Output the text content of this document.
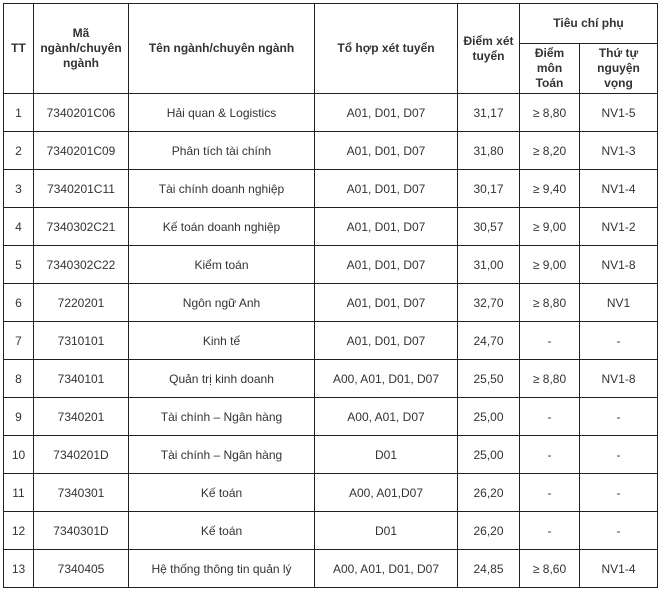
TT	Mã ngành/chuyên ngành	Tên ngành/chuyên ngành	Tổ hợp xét tuyển	Điểm xét tuyển	Tiêu chí phụ	
					Điểm môn Toán	Thứ tự nguyện vọng
1	7340201C06	Hải quan & Logistics	A01, D01, D07	31,17	≥ 8,80	NV1-5
2	7340201C09	Phân tích tài chính	A01, D01, D07	31,80	≥ 8,20	NV1-3
3	7340201C11	Tài chính doanh nghiệp	A01, D01, D07	30,17	≥ 9,40	NV1-4
4	7340302C21	Kế toán doanh nghiệp	A01, D01, D07	30,57	≥ 9,00	NV1-2
5	7340302C22	Kiểm toán	A01, D01, D07	31,00	≥ 9,00	NV1-8
6	7220201	Ngôn ngữ Anh	A01, D01, D07	32,70	≥ 8,80	NV1
7	7310101	Kinh tế	A01, D01, D07	24,70	-	-
8	7340101	Quản trị kinh doanh	A00, A01, D01, D07	25,50	≥ 8,80	NV1-8
9	7340201	Tài chính – Ngân hàng	A00, A01, D07	25,00	-	-
10	7340201D	Tài chính – Ngân hàng	D01	25,00	-	-
11	7340301	Kế toán	A00, A01,D07	26,20	-	-
12	7340301D	Kế toán	D01	26,20	-	-
13	7340405	Hệ thống thông tin quản lý	A00, A01, D01, D07	24,85	≥ 8,60	NV1-4
